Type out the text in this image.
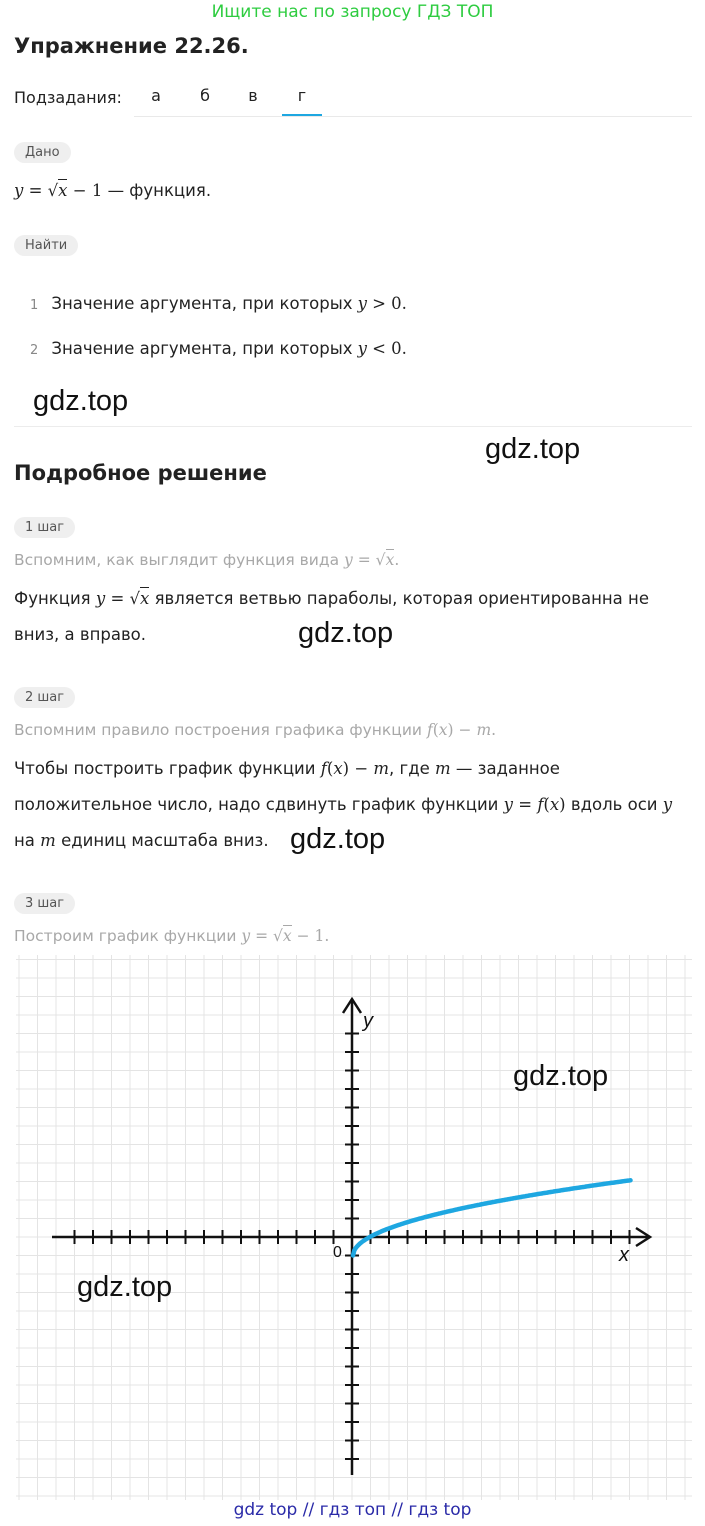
Ищите нас по запросу ГДЗ ТОП
Упражнение 22.26.
Подзадания:	а	б	в	г
Дано
y = √x − 1 — функция.
Найти
1 Значение аргумента, при которых y > 0.
2 Значение аргумента, при которых y < 0.
gdz.top
gdz.top
Подробное решение
1 шаг
Вспомним, как выглядит функция вида y = √x.
Функция y = √x является ветвью параболы, которая ориентированна не
вниз, а вправо.	gdz.top
2 шаг
Вспомним правило построения графика функции f(x) − m.
Чтобы построить график функции f(x) − m, где m — заданное
положительное число, надо сдвинуть график функции y = f(x) вдоль оси y
на m единиц масштаба вниз. gdz.top
3 шаг
Построим график функции y = √x − 1.
y
x
0
gdz.top
gdz.top
gdz top // гдз топ // гдз top
